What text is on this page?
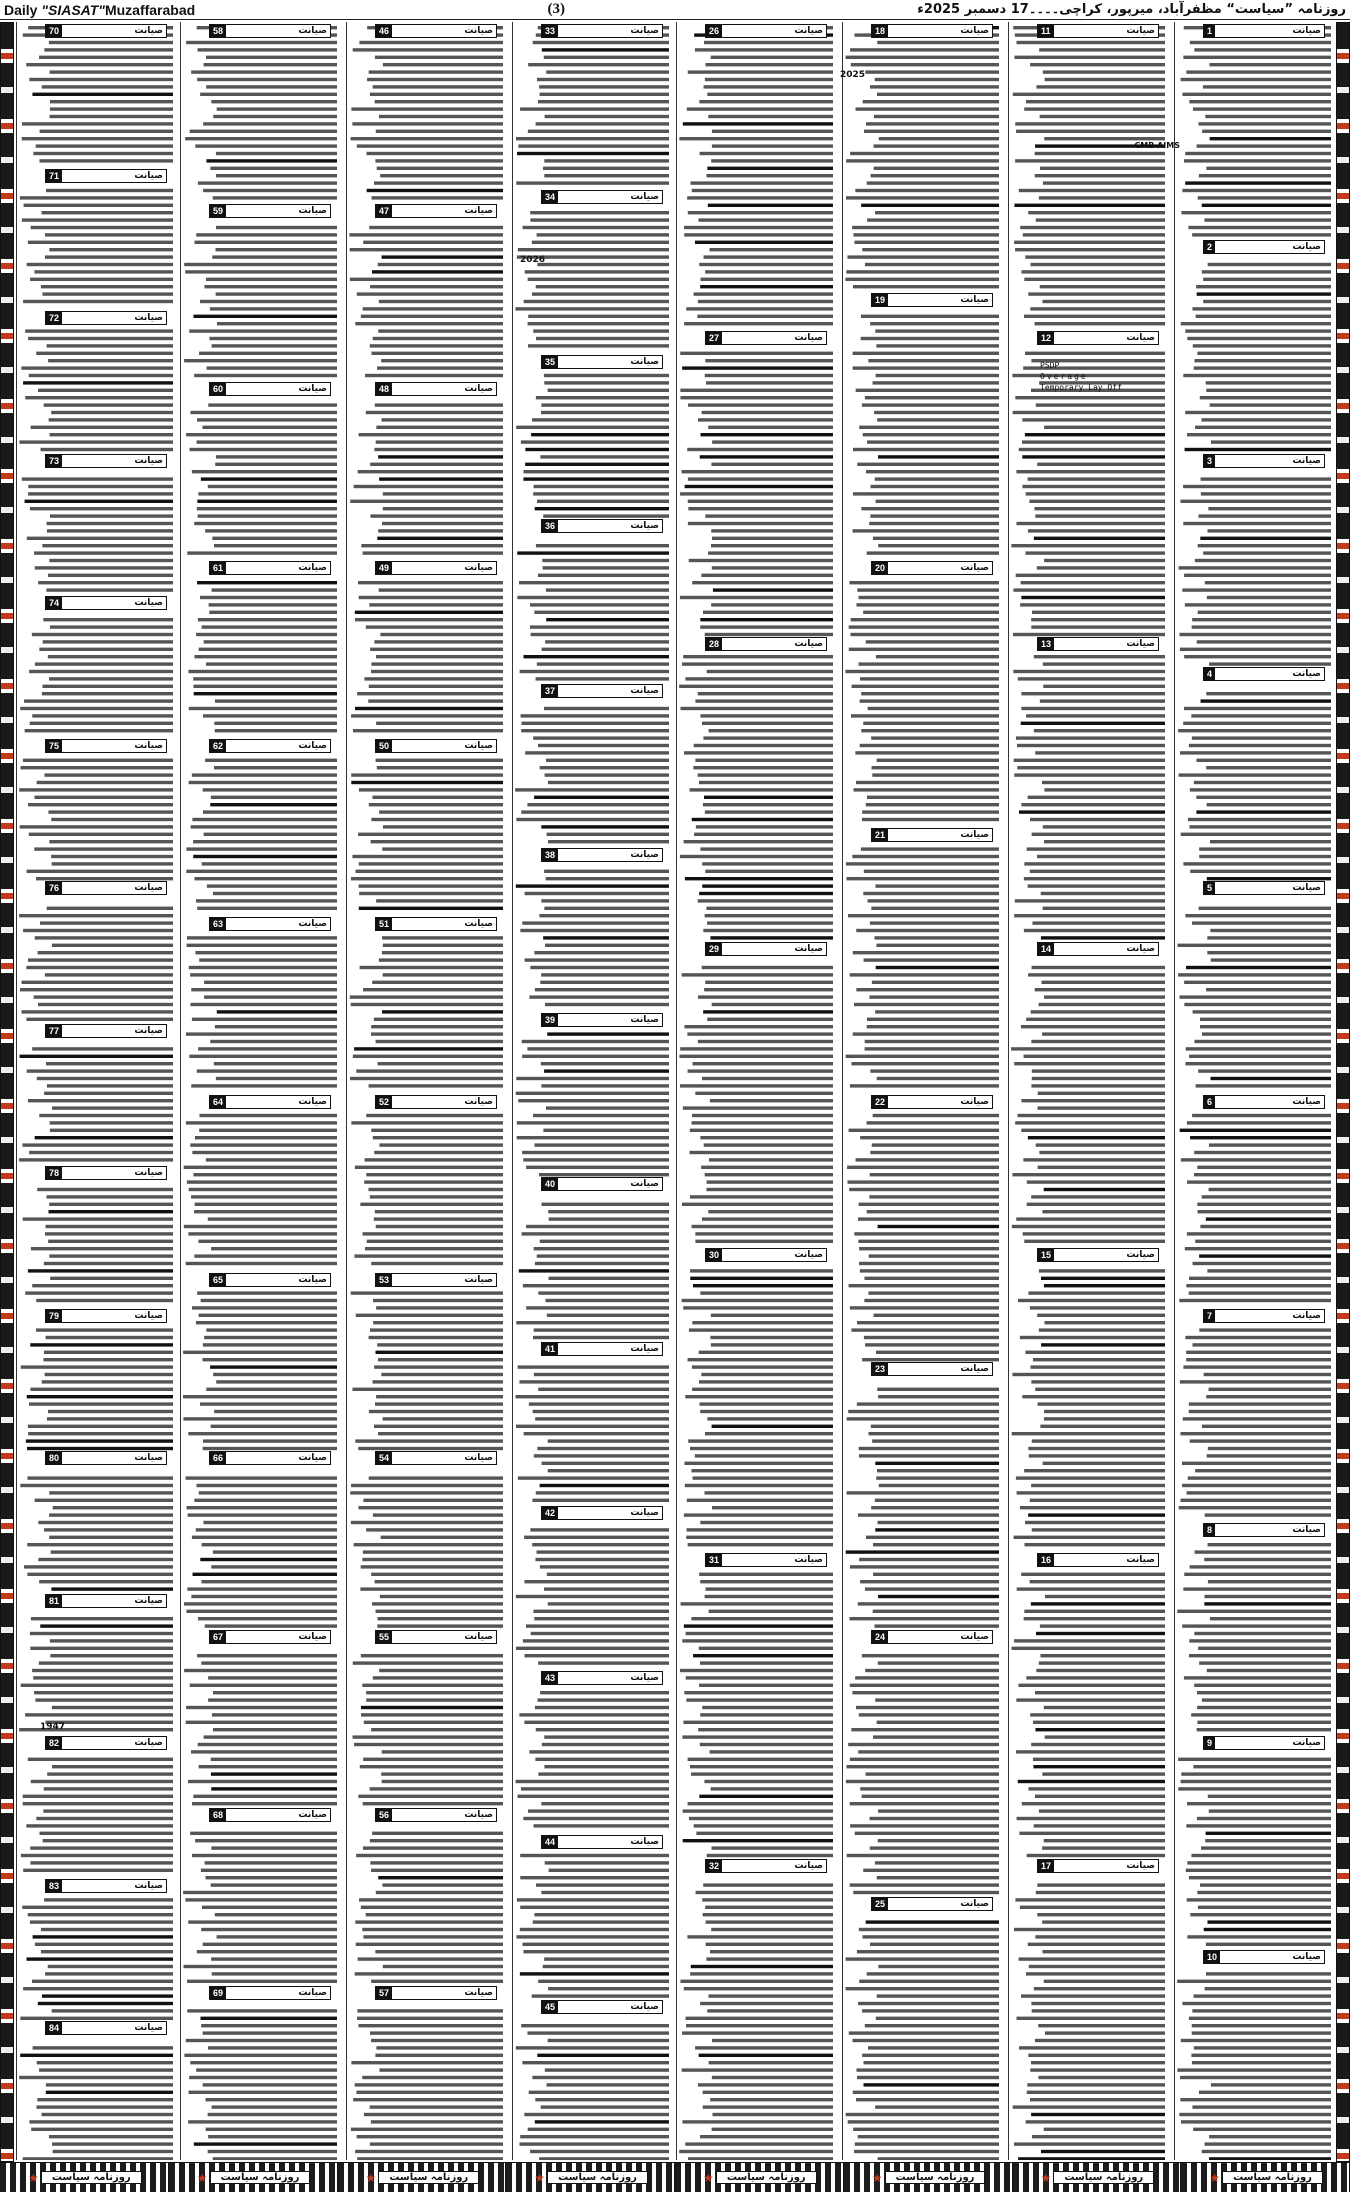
Daily "SIASAT"Muzaffarabad	(3)	روزنامہ ”سیاست“ مظفرآباد، میرپور، کراچی۔۔۔۔17 دسمبر 2025ء
70	صیانت
71	صیانت
72	صیانت
73	صیانت
74	صیانت
75	صیانت
76	صیانت
77	صیانت
78	صیانت
79	صیانت
80	صیانت
81	صیانت
82	صیانت
83	صیانت
84	صیانت
58	صیانت
59	صیانت
60	صیانت
61	صیانت
62	صیانت
63	صیانت
64	صیانت
65	صیانت
66	صیانت
67	صیانت
68	صیانت
69	صیانت
46	صیانت
47	صیانت
48	صیانت
49	صیانت
50	صیانت
51	صیانت
52	صیانت
53	صیانت
54	صیانت
55	صیانت
56	صیانت
57	صیانت
33	صیانت
34	صیانت
35	صیانت
36	صیانت
37	صیانت
38	صیانت
39	صیانت
40	صیانت
41	صیانت
42	صیانت
43	صیانت
44	صیانت
45	صیانت
26	صیانت
27	صیانت
28	صیانت
29	صیانت
30	صیانت
31	صیانت
32	صیانت
18	صیانت
19	صیانت
20	صیانت
21	صیانت
22	صیانت
23	صیانت
24	صیانت
25	صیانت
11	صیانت
12	صیانت
13	صیانت
14	صیانت
15	صیانت
16	صیانت
17	صیانت
1	صیانت
2	صیانت
3	صیانت
4	صیانت
5	صیانت
6	صیانت
7	صیانت
8	صیانت
9	صیانت
10	صیانت
CMB AIMS
PSDP
Overage
Temporary Lay Off
2026
2025
1947
★	روزنامہ سیاست	★	روزنامہ سیاست	★	روزنامہ سیاست	★	روزنامہ سیاست	★	روزنامہ سیاست	★	روزنامہ سیاست	★	روزنامہ سیاست	★	روزنامہ سیاست
